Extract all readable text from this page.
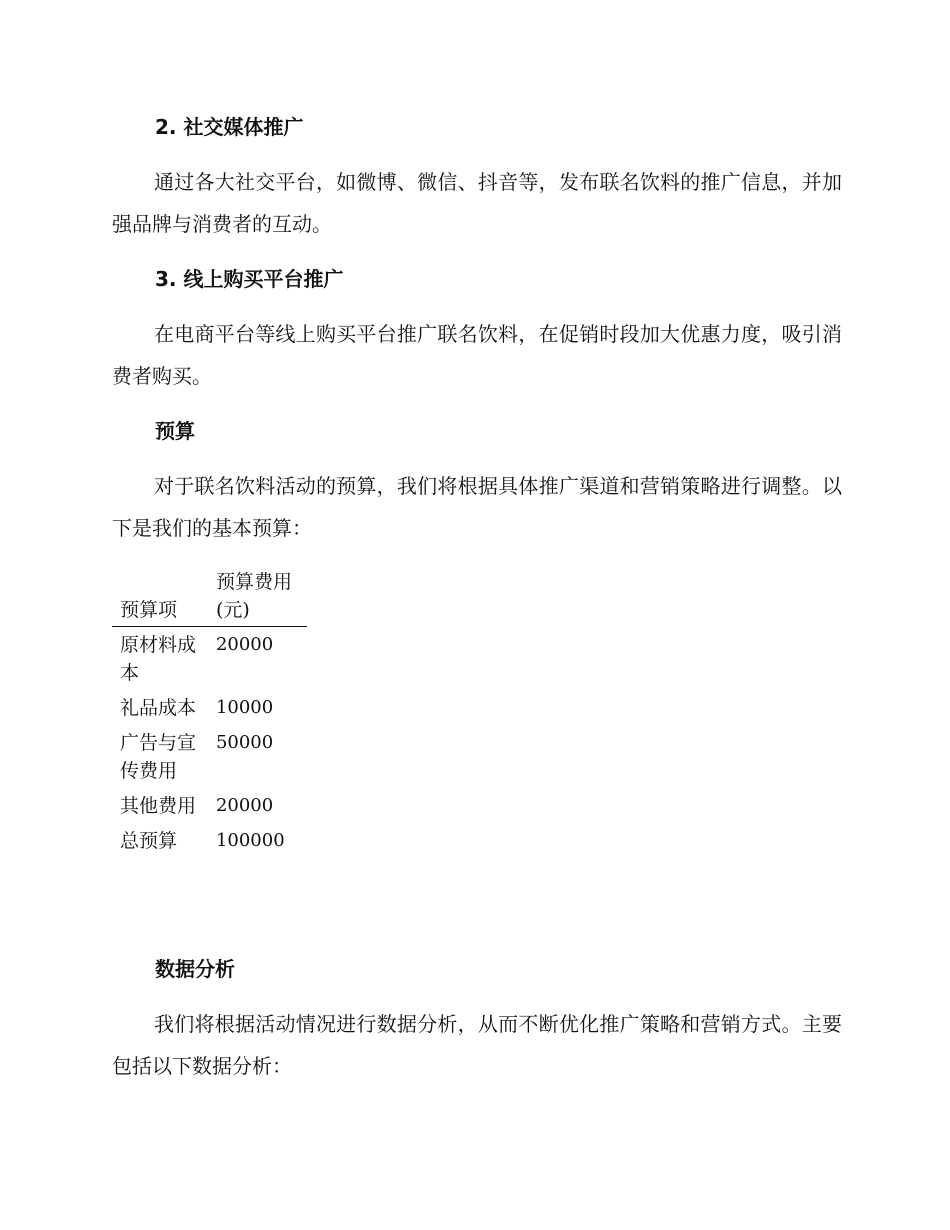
2. 社交媒体推广

通过各大社交平台，如微博、微信、抖音等，发布联名饮料的推广信息，并加强品牌与消费者的互动。

3. 线上购买平台推广

在电商平台等线上购买平台推广联名饮料，在促销时段加大优惠力度，吸引消费者购买。

预算

对于联名饮料活动的预算，我们将根据具体推广渠道和营销策略进行调整。以下是我们的基本预算：

预算项	预算费用(元)
原材料成本	20000
礼品成本	10000
广告与宣传费用	50000
其他费用	20000
总预算	100000
数据分析

我们将根据活动情况进行数据分析，从而不断优化推广策略和营销方式。主要包括以下数据分析：
